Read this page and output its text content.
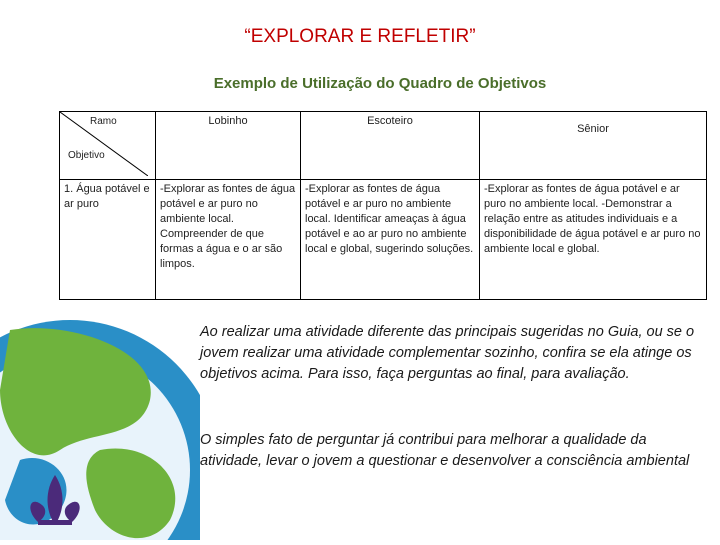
“EXPLORAR E REFLETIR”
Exemplo de Utilização do Quadro de Objetivos
Ramo
Objetivo	Lobinho	Escoteiro	Sênior
1. Água potável e ar puro	-Explorar as fontes de água potável e ar puro no ambiente local. Compreender de que formas a água e o ar são limpos.	-Explorar as fontes de água potável e ar puro no ambiente local. Identificar ameaças à água potável e ao ar puro no ambiente local e global, sugerindo soluções.	-Explorar as fontes de água potável e ar puro no ambiente local. -Demonstrar a relação entre as atitudes individuais e a disponibilidade de água potável e ar puro no ambiente local e global.
Ao realizar uma atividade diferente das principais sugeridas no Guia, ou se o jovem realizar uma atividade complementar sozinho, confira se ela atinge os objetivos acima. Para isso, faça perguntas ao final, para avaliação.
O simples fato de perguntar já contribui para melhorar a qualidade da atividade, levar o jovem a questionar e desenvolver a consciência ambiental
